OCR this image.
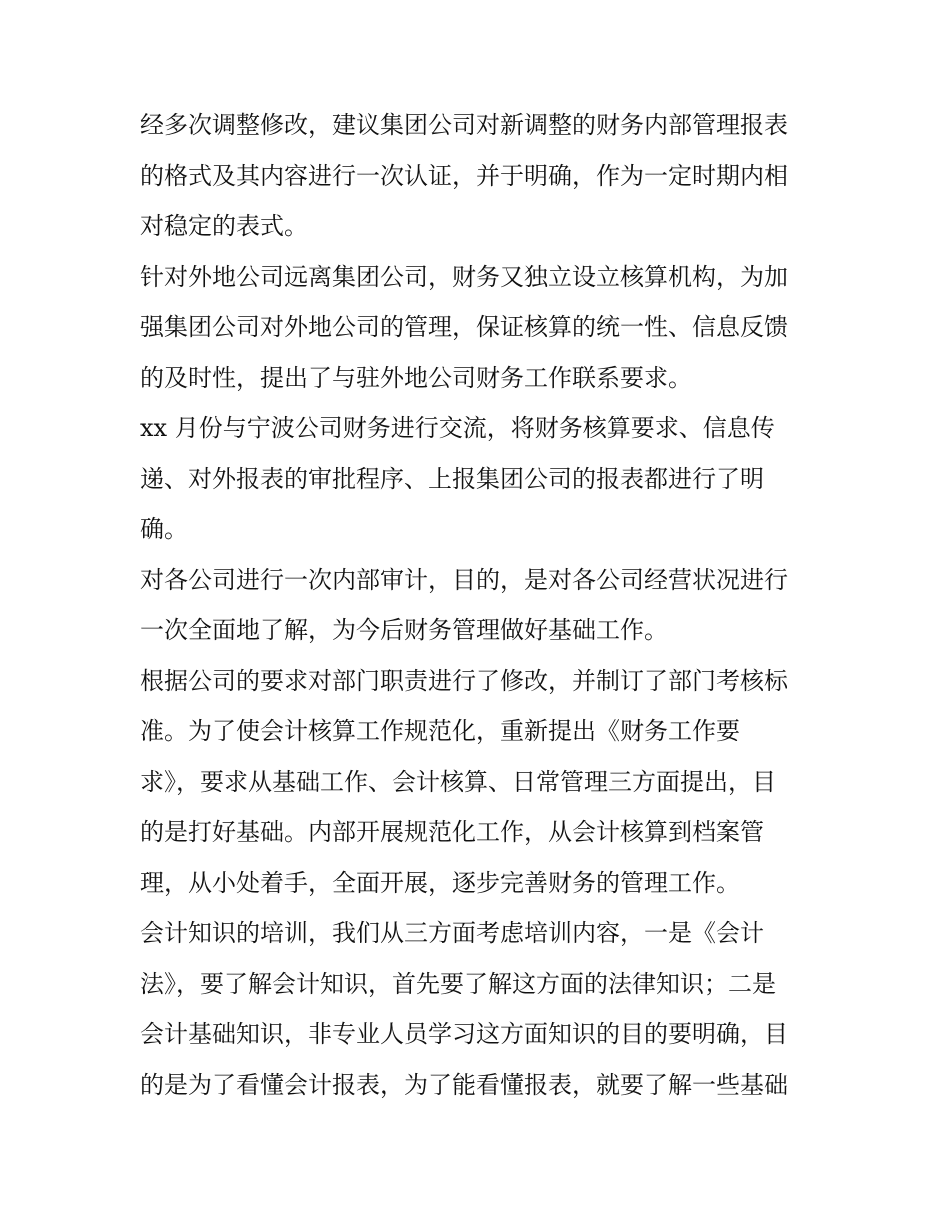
经多次调整修改，建议集团公司对新调整的财务内部管理报表
的格式及其内容进行一次认证，并于明确，作为一定时期内相
对稳定的表式。
针对外地公司远离集团公司，财务又独立设立核算机构，为加
强集团公司对外地公司的管理，保证核算的统一性、信息反馈
的及时性，提出了与驻外地公司财务工作联系要求。
xx 月份与宁波公司财务进行交流，将财务核算要求、信息传
递、对外报表的审批程序、上报集团公司的报表都进行了明
确。
对各公司进行一次内部审计，目的，是对各公司经营状况进行
一次全面地了解，为今后财务管理做好基础工作。
根据公司的要求对部门职责进行了修改，并制订了部门考核标
准。为了使会计核算工作规范化，重新提出《财务工作要
求》，要求从基础工作、会计核算、日常管理三方面提出，目
的是打好基础。内部开展规范化工作，从会计核算到档案管
理，从小处着手，全面开展，逐步完善财务的管理工作。
会计知识的培训，我们从三方面考虑培训内容，一是《会计
法》，要了解会计知识，首先要了解这方面的法律知识；二是
会计基础知识，非专业人员学习这方面知识的目的要明确，目
的是为了看懂会计报表，为了能看懂报表，就要了解一些基础
